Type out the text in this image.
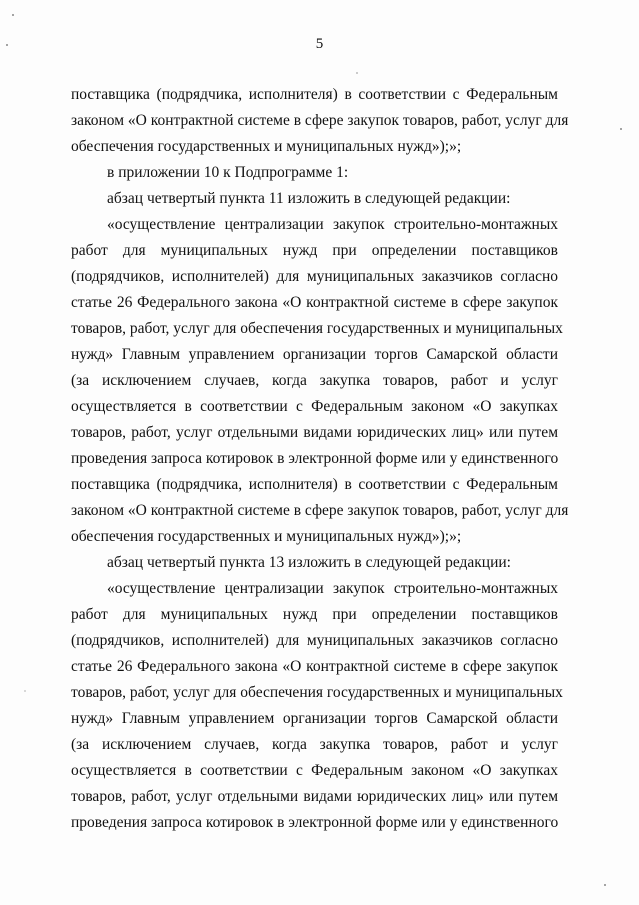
5
поставщика (подрядчика, исполнителя) в соответствии с Федеральным
законом «О контрактной системе в сфере закупок товаров, работ, услуг для
обеспечения государственных и муниципальных нужд»);»;
в приложении 10 к Подпрограмме 1:
абзац четвертый пункта 11 изложить в следующей редакции:
«осуществление централизации закупок строительно-монтажных
работ для муниципальных нужд при определении поставщиков
(подрядчиков, исполнителей) для муниципальных заказчиков согласно
статье 26 Федерального закона «О контрактной системе в сфере закупок
товаров, работ, услуг для обеспечения государственных и муниципальных
нужд» Главным управлением организации торгов Самарской области
(за исключением случаев, когда закупка товаров, работ и услуг
осуществляется в соответствии с Федеральным законом «О закупках
товаров, работ, услуг отдельными видами юридических лиц» или путем
проведения запроса котировок в электронной форме или у единственного
поставщика (подрядчика, исполнителя) в соответствии с Федеральным
законом «О контрактной системе в сфере закупок товаров, работ, услуг для
обеспечения государственных и муниципальных нужд»);»;
абзац четвертый пункта 13 изложить в следующей редакции:
«осуществление централизации закупок строительно-монтажных
работ для муниципальных нужд при определении поставщиков
(подрядчиков, исполнителей) для муниципальных заказчиков согласно
статье 26 Федерального закона «О контрактной системе в сфере закупок
товаров, работ, услуг для обеспечения государственных и муниципальных
нужд» Главным управлением организации торгов Самарской области
(за исключением случаев, когда закупка товаров, работ и услуг
осуществляется в соответствии с Федеральным законом «О закупках
товаров, работ, услуг отдельными видами юридических лиц» или путем
проведения запроса котировок в электронной форме или у единственного
